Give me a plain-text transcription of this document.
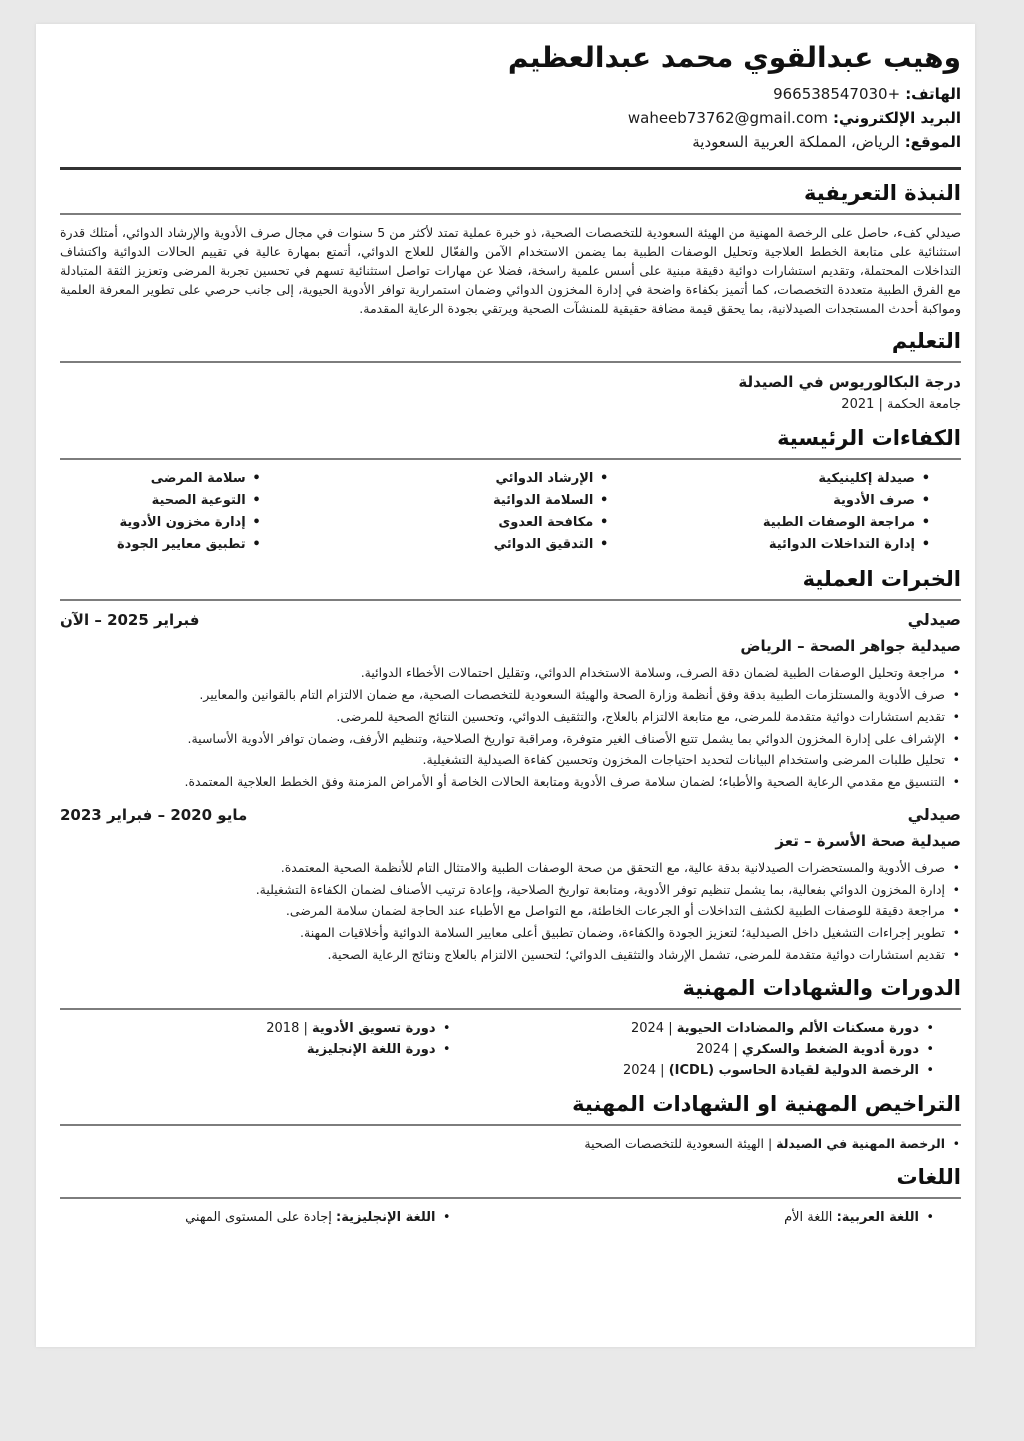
وهيب عبدالقوي محمد عبدالعظيم
الهاتف:+966538547030
البريد الإلكتروني:waheeb73762@gmail.com
الموقع:الرياض، المملكة العربية السعودية
النبذة التعريفية

صيدلي كفء، حاصل على الرخصة المهنية من الهيئة السعودية للتخصصات الصحية، ذو خبرة عملية تمتد لأكثر من 5 سنوات في مجال صرف الأدوية والإرشاد الدوائي، أمتلك قدرة استثنائية على متابعة الخطط العلاجية وتحليل الوصفات الطبية بما يضمن الاستخدام الآمن والفعّال للعلاج الدوائي، أتمتع بمهارة عالية في تقييم الحالات الدوائية واكتشاف التداخلات المحتملة، وتقديم استشارات دوائية دقيقة مبنية على أسس علمية راسخة، فضلا عن مهارات تواصل استثنائية تسهم في تحسين تجربة المرضى وتعزيز الثقة المتبادلة مع الفرق الطبية متعددة التخصصات، كما أتميز بكفاءة واضحة في إدارة المخزون الدوائي وضمان استمرارية توافر الأدوية الحيوية، إلى جانب حرصي على تطوير المعرفة العلمية ومواكبة أحدث المستجدات الصيدلانية، بما يحقق قيمة مضافة حقيقية للمنشآت الصحية ويرتقي بجودة الرعاية المقدمة.

التعليم
درجة البكالوريوس في الصيدلة
جامعة الحكمة | 2021
الكفاءات الرئيسية
• صيدلة إكلينيكية
• صرف الأدوية
• مراجعة الوصفات الطبية
• إدارة التداخلات الدوائية
• الإرشاد الدوائي
• السلامة الدوائية
• مكافحة العدوى
• التدقيق الدوائي
• سلامة المرضى
• التوعية الصحية
• إدارة مخزون الأدوية
• تطبيق معايير الجودة
الخبرات العملية
صيدلي
فبراير 2025 – الآن
صيدلية جواهر الصحة – الرياض
• مراجعة وتحليل الوصفات الطبية لضمان دقة الصرف، وسلامة الاستخدام الدوائي، وتقليل احتمالات الأخطاء الدوائية.
• صرف الأدوية والمستلزمات الطبية بدقة وفق أنظمة وزارة الصحة والهيئة السعودية للتخصصات الصحية، مع ضمان الالتزام التام بالقوانين والمعايير.
• تقديم استشارات دوائية متقدمة للمرضى، مع متابعة الالتزام بالعلاج، والتثقيف الدوائي، وتحسين النتائج الصحية للمرضى.
• الإشراف على إدارة المخزون الدوائي بما يشمل تتبع الأصناف الغير متوفرة، ومراقبة تواريخ الصلاحية، وتنظيم الأرفف، وضمان توافر الأدوية الأساسية.
• تحليل طلبات المرضى واستخدام البيانات لتحديد احتياجات المخزون وتحسين كفاءة الصيدلية التشغيلية.
• التنسيق مع مقدمي الرعاية الصحية والأطباء؛ لضمان سلامة صرف الأدوية ومتابعة الحالات الخاصة أو الأمراض المزمنة وفق الخطط العلاجية المعتمدة.
صيدلي
مايو 2020 – فبراير 2023
صيدلية صحة الأسرة – تعز
• صرف الأدوية والمستحضرات الصيدلانية بدقة عالية، مع التحقق من صحة الوصفات الطبية والامتثال التام للأنظمة الصحية المعتمدة.
• إدارة المخزون الدوائي بفعالية، بما يشمل تنظيم توفر الأدوية، ومتابعة تواريخ الصلاحية، وإعادة ترتيب الأصناف لضمان الكفاءة التشغيلية.
• مراجعة دقيقة للوصفات الطبية لكشف التداخلات أو الجرعات الخاطئة، مع التواصل مع الأطباء عند الحاجة لضمان سلامة المرضى.
• تطوير إجراءات التشغيل داخل الصيدلية؛ لتعزيز الجودة والكفاءة، وضمان تطبيق أعلى معايير السلامة الدوائية وأخلاقيات المهنة.
• تقديم استشارات دوائية متقدمة للمرضى، تشمل الإرشاد والتثقيف الدوائي؛ لتحسين الالتزام بالعلاج ونتائج الرعاية الصحية.
الدورات والشهادات المهنية
• دورة مسكنات الألم والمضادات الحيوية | 2024
• دورة أدوية الضغط والسكري | 2024
• الرخصة الدولية لقيادة الحاسوب (ICDL) | 2024
• دورة تسويق الأدوية | 2018
• دورة اللغة الإنجليزية
التراخيص المهنية او الشهادات المهنية
• الرخصة المهنية في الصيدلة | الهيئة السعودية للتخصصات الصحية
اللغات
• اللغة العربية: اللغة الأم
• اللغة الإنجليزية: إجادة على المستوى المهني
